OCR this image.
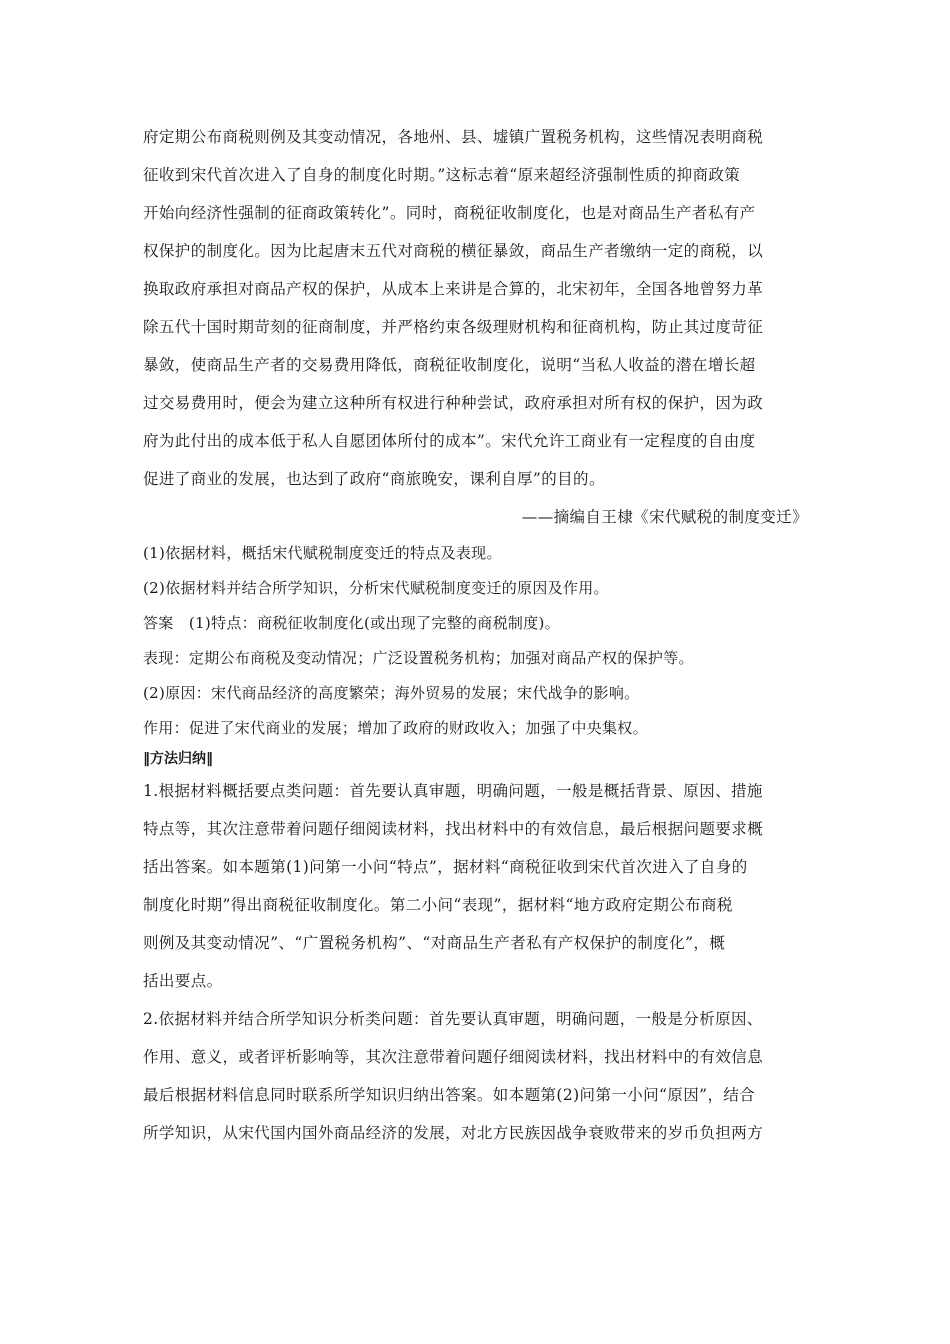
府定期公布商税则例及其变动情况，各地州、县、墟镇广置税务机构，这些情况表明商税

征收到宋代首次进入了自身的制度化时期。”这标志着“原来超经济强制性质的抑商政策

开始向经济性强制的征商政策转化”。同时，商税征收制度化，也是对商品生产者私有产

权保护的制度化。因为比起唐末五代对商税的横征暴敛，商品生产者缴纳一定的商税，以

换取政府承担对商品产权的保护，从成本上来讲是合算的，北宋初年，全国各地曾努力革

除五代十国时期苛刻的征商制度，并严格约束各级理财机构和征商机构，防止其过度苛征

暴敛，使商品生产者的交易费用降低，商税征收制度化，说明“当私人收益的潜在增长超

过交易费用时，便会为建立这种所有权进行种种尝试，政府承担对所有权的保护，因为政

府为此付出的成本低于私人自愿团体所付的成本”。宋代允许工商业有一定程度的自由度

促进了商业的发展，也达到了政府“商旅晚安，课利自厚”的目的。

——摘编自王棣《宋代赋税的制度变迁》

(1)依据材料，概括宋代赋税制度变迁的特点及表现。

(2)依据材料并结合所学知识，分析宋代赋税制度变迁的原因及作用。

答案　(1)特点：商税征收制度化(或出现了完整的商税制度)。

表现：定期公布商税及变动情况；广泛设置税务机构；加强对商品产权的保护等。

(2)原因：宋代商品经济的高度繁荣；海外贸易的发展；宋代战争的影响。

作用：促进了宋代商业的发展；增加了政府的财政收入；加强了中央集权。

‖方法归纳‖

1.根据材料概括要点类问题：首先要认真审题，明确问题，一般是概括背景、原因、措施

特点等，其次注意带着问题仔细阅读材料，找出材料中的有效信息，最后根据问题要求概

括出答案。如本题第(1)问第一小问“特点”，据材料“商税征收到宋代首次进入了自身的

制度化时期”得出商税征收制度化。第二小问“表现”，据材料“地方政府定期公布商税

则例及其变动情况”、“广置税务机构”、“对商品生产者私有产权保护的制度化”，概

括出要点。

2.依据材料并结合所学知识分析类问题：首先要认真审题，明确问题，一般是分析原因、

作用、意义，或者评析影响等，其次注意带着问题仔细阅读材料，找出材料中的有效信息

最后根据材料信息同时联系所学知识归纳出答案。如本题第(2)问第一小问“原因”，结合

所学知识，从宋代国内国外商品经济的发展，对北方民族因战争衰败带来的岁币负担两方
